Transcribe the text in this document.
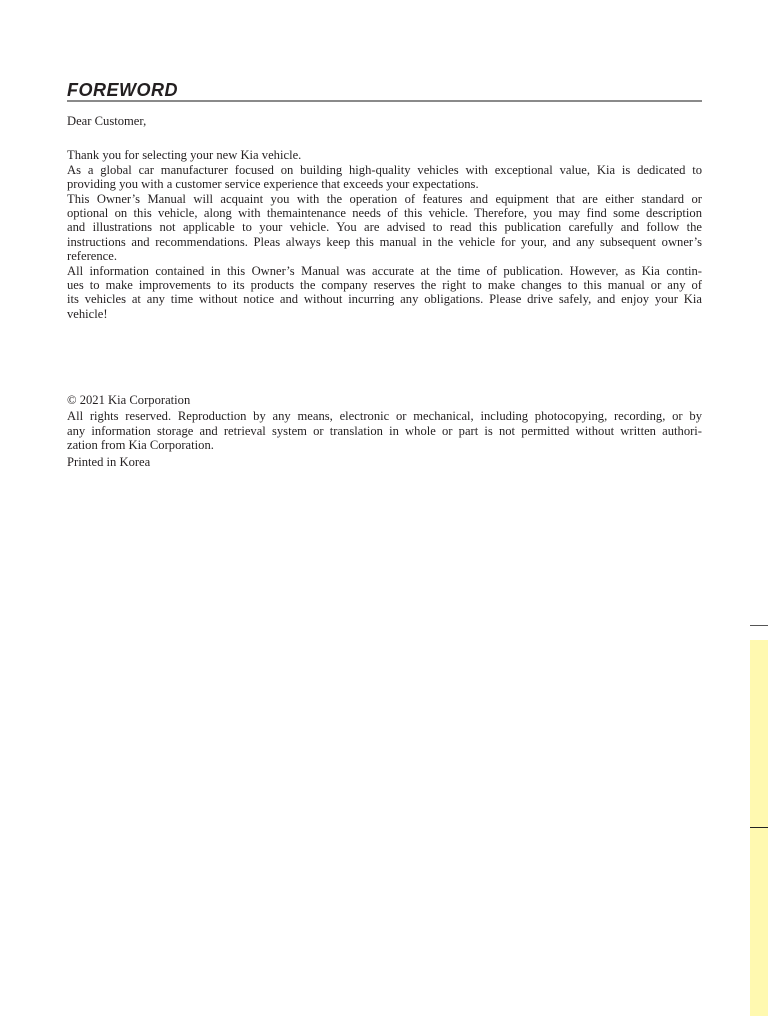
FOREWORD
Dear Customer,
Thank you for selecting your new Kia vehicle.
As a global car manufacturer focused on building high-quality vehicles with exceptional value, Kia is dedicated to
providing you with a customer service experience that exceeds your expectations.
This Owner’s Manual will acquaint you with the operation of features and equipment that are either standard or
optional on this vehicle, along with themaintenance needs of this vehicle. Therefore, you may find some description
and illustrations not applicable to your vehicle. You are advised to read this publication carefully and follow the
instructions and recommendations. Pleas always keep this manual in the vehicle for your, and any subsequent owner’s
reference.
All information contained in this Owner’s Manual was accurate at the time of publication. However, as Kia contin-
ues to make improvements to its products the company reserves the right to make changes to this manual or any of
its vehicles at any time without notice and without incurring any obligations. Please drive safely, and enjoy your Kia
vehicle!
© 2021 Kia Corporation
All rights reserved. Reproduction by any means, electronic or mechanical, including photocopying, recording, or by
any information storage and retrieval system or translation in whole or part is not permitted without written authori-
zation from Kia Corporation.
Printed in Korea
